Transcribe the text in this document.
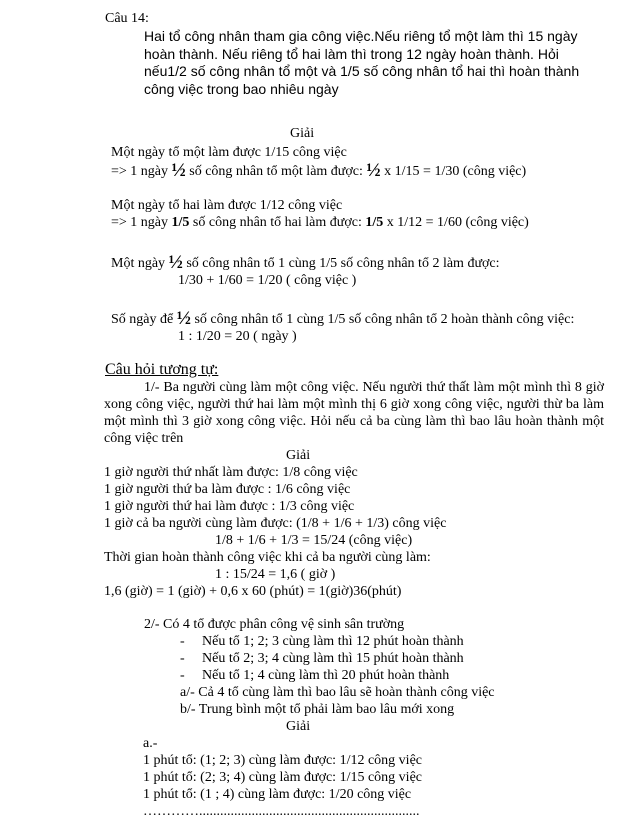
Câu 14:
Hai tổ công nhân tham gia công việc.Nếu riêng tổ một làm thì 15 ngày
hoàn thành. Nếu riêng tổ hai làm thì trong 12 ngày hoàn thành. Hỏi
nếu1/2 số công nhân tổ một và 1/5 số công nhân tổ hai thì hoàn thành
công việc trong bao nhiêu ngày
Giải
Một ngày tổ một làm được 1/15 công việc
=> 1 ngày ½ số công nhân tổ một làm được: ½ x 1/15 = 1/30 (công việc)
Một ngày tổ hai làm được 1/12 công việc
=> 1 ngày 1/5 số công nhân tổ hai làm được: 1/5 x 1/12 = 1/60 (công việc)
Một ngày ½ số công nhân tổ 1 cùng 1/5 số công nhân tổ 2 làm được:
1/30 + 1/60 = 1/20 ( công việc )
Số ngày để ½ số công nhân tổ 1 cùng 1/5 số công nhân tổ 2 hoàn thành công việc:
1 : 1/20 = 20 ( ngày )
Câu hỏi tương tự:
1/- Ba người cùng làm một công việc. Nếu người thứ thất làm một mình thì 8 giờ xong công việc, người thứ hai làm một mình thị 6 giờ xong công việc, người thừ ba làm một mình thì 3 giờ xong công việc. Hỏi nếu cả ba cùng làm thì bao lâu hoàn thành một công việc trên
Giải
1 giờ người thứ nhất làm được: 1/8 công việc
1 giờ người thứ ba làm được : 1/6 công việc
1 giờ người thứ hai làm được : 1/3 công việc
1 giờ cả ba người cùng làm được: (1/8 + 1/6 + 1/3) công việc
1/8 + 1/6 + 1/3 = 15/24 (công việc)
Thời gian hoàn thành công việc khi cả ba người cùng làm:
1 : 15/24 = 1,6 ( giờ )
1,6 (giờ) = 1 (giờ) + 0,6 x 60 (phút) = 1(giờ)36(phút)
2/- Có 4 tổ được phân công vệ sinh sân trường
- Nếu tổ 1; 2; 3 cùng làm thì 12 phút hoàn thành
- Nếu tổ 2; 3; 4 cùng làm thì 15 phút hoàn thành
- Nếu tổ 1; 4 cùng làm thì 20 phút hoàn thành
a/- Cả 4 tổ cùng làm thì bao lâu sẽ hoàn thành công việc
b/- Trung bình một tổ phải làm bao lâu mới xong
Giải
a.-
1 phút tổ: (1; 2; 3) cùng làm được: 1/12 công việc
1 phút tổ: (2; 3; 4) cùng làm được: 1/15 công việc
1 phút tổ: (1 ; 4) cùng làm được: 1/20 công việc
…………...............................................................
